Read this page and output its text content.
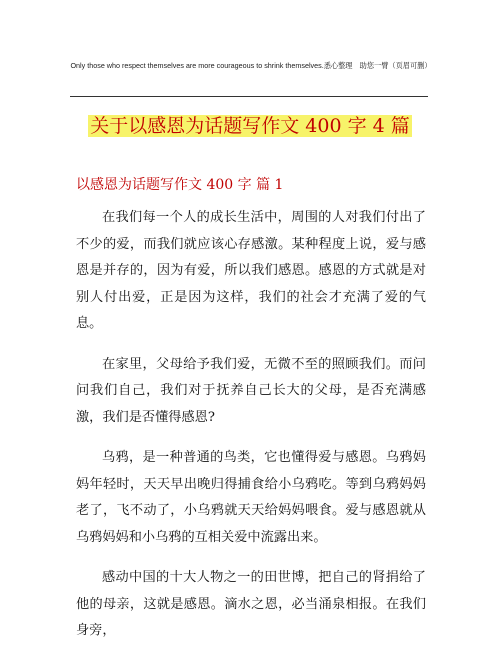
Only those who respect themselves are more courageous to shrink themselves.悉心整理　助您一臂（页眉可删）
关于以感恩为话题写作文 400 字 4 篇
以感恩为话题写作文 400 字 篇 1

在我们每一个人的成长生活中，周围的人对我们付出了不少的爱，而我们就应该心存感激。某种程度上说，爱与感恩是并存的，因为有爱，所以我们感恩。感恩的方式就是对别人付出爱，正是因为这样，我们的社会才充满了爱的气息。

在家里，父母给予我们爱，无微不至的照顾我们。而问问我们自己，我们对于抚养自己长大的父母，是否充满感激，我们是否懂得感恩?

乌鸦，是一种普通的鸟类，它也懂得爱与感恩。乌鸦妈妈年轻时，天天早出晚归得捕食给小乌鸦吃。等到乌鸦妈妈老了，飞不动了，小乌鸦就天天给妈妈喂食。爱与感恩就从乌鸦妈妈和小乌鸦的互相关爱中流露出来。

感动中国的十大人物之一的田世博，把自己的肾捐给了他的母亲，这就是感恩。滴水之恩，必当涌泉相报。在我们身旁，
